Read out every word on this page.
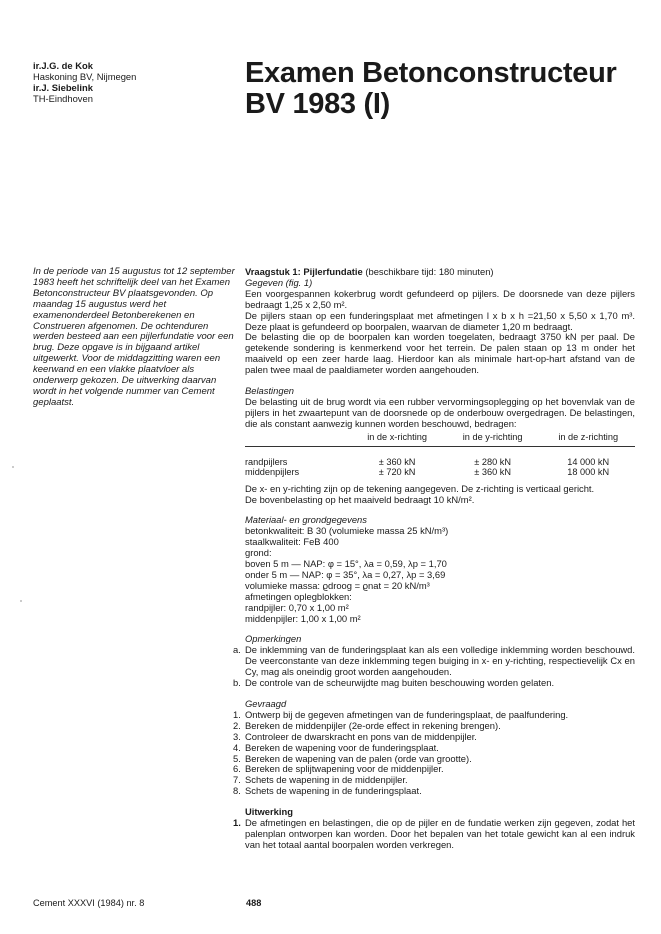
ir.J.G. de Kok
Haskoning BV, Nijmegen
ir.J. Siebelink
TH-Eindhoven
Examen Betonconstructeur
BV 1983 (I)
In de periode van 15 augustus tot 12 september 1983 heeft het schriftelijk deel van het Examen Betonconstructeur BV plaatsgevonden. Op maandag 15 augustus werd het examenonderdeel Betonberekenen en Construeren afgenomen. De ochtenduren werden besteed aan een pijlerfundatie voor een brug. Deze opgave is in bijgaand artikel uitgewerkt. Voor de middagzitting waren een keerwand en een vlakke plaatvloer als onderwerp gekozen. De uitwerking daarvan wordt in het volgende nummer van Cement geplaatst.

Vraagstuk 1: Pijlerfundatie (beschikbare tijd: 180 minuten)

Gegeven (fig. 1)

Een voorgespannen kokerbrug wordt gefundeerd op pijlers. De doorsnede van deze pijlers bedraagt 1,25 x 2,50 m².

De pijlers staan op een funderingsplaat met afmetingen l x b x h =21,50 x 5,50 x 1,70 m³. Deze plaat is gefundeerd op boorpalen, waarvan de diameter 1,20 m bedraagt.

De belasting die op de boorpalen kan worden toegelaten, bedraagt 3750 kN per paal. De getekende sondering is kenmerkend voor het terrein. De palen staan op 13 m onder het maaiveld op een zeer harde laag. Hierdoor kan als minimale hart-op-hart afstand van de palen twee maal de paaldiameter worden aangehouden.

Belastingen

De belasting uit de brug wordt via een rubber vervormingsoplegging op het bovenvlak van de pijlers in het zwaartepunt van de doorsnede op de onderbouw overgedragen. De belastingen, die als constant aanwezig kunnen worden beschouwd, bedragen:

	in de x-richting	in de y-richting	in de z-richting
randpijlers	± 360 kN	± 280 kN	14 000 kN
middenpijlers	± 720 kN	± 360 kN	18 000 kN

De x- en y-richting zijn op de tekening aangegeven. De z-richting is verticaal gericht.

De bovenbelasting op het maaiveld bedraagt 10 kN/m².

Materiaal- en grondgegevens

betonkwaliteit: B 30 (volumieke massa 25 kN/m³)

staalkwaliteit: FeB 400

grond:

boven 5 m — NAP: φ = 15°, λa = 0,59, λp = 1,70

onder 5 m — NAP: φ = 35°, λa = 0,27, λp = 3,69

volumieke massa: ϱdroog = ϱnat = 20 kN/m³

afmetingen oplegblokken:

randpijler: 0,70 x 1,00 m²

middenpijler: 1,00 x 1,00 m²

Opmerkingen

a. De inklemming van de funderingsplaat kan als een volledige inklemming worden beschouwd. De veerconstante van deze inklemming tegen buiging in x- en y-richting, respectievelijk Cx en Cy, mag als oneindig groot worden aangehouden.
b. De controle van de scheurwijdte mag buiten beschouwing worden gelaten.

Gevraagd

1. Ontwerp bij de gegeven afmetingen van de funderingsplaat, de paalfundering.
2. Bereken de middenpijler (2e-orde effect in rekening brengen).
3. Controleer de dwarskracht en pons van de middenpijler.
4. Bereken de wapening voor de funderingsplaat.
5. Bereken de wapening van de palen (orde van grootte).
6. Bereken de splijtwapening voor de middenpijler.
7. Schets de wapening in de middenpijler.
8. Schets de wapening in de funderingsplaat.

Uitwerking

1. De afmetingen en belastingen, die op de pijler en de fundatie werken zijn gegeven, zodat het palenplan ontworpen kan worden. Door het bepalen van het totale gewicht kan al een indruk van het totaal aantal boorpalen worden verkregen.
Cement XXXVI (1984) nr. 8	488
